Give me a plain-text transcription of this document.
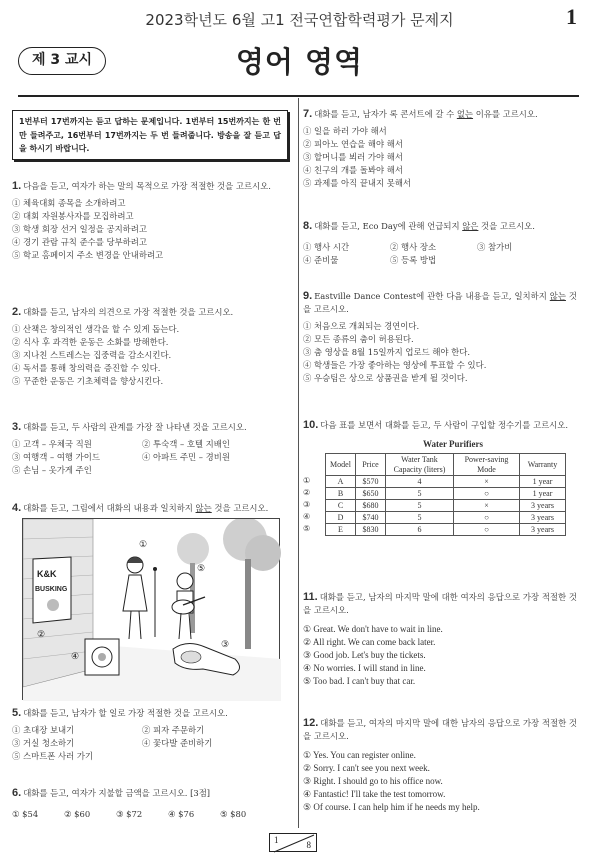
2023학년도 6월 고1 전국연합학력평가 문제지	1
제 3 교시	영어 영역
1번부터 17번까지는 듣고 답하는 문제입니다. 1번부터 15번까지는 한 번만 들려주고, 16번부터 17번까지는 두 번 들려줍니다. 방송을 잘 듣고 답을 하시기 바랍니다.
1. 다음을 듣고, 여자가 하는 말의 목적으로 가장 적절한 것을 고르시오.
① 체육대회 종목을 소개하려고
② 대회 자원봉사자를 모집하려고
③ 학생 회장 선거 일정을 공지하려고
④ 경기 관람 규칙 준수를 당부하려고
⑤ 학교 홈페이지 주소 변경을 안내하려고
2. 대화를 듣고, 남자의 의견으로 가장 적절한 것을 고르시오.
① 산책은 창의적인 생각을 할 수 있게 돕는다.
② 식사 후 과격한 운동은 소화를 방해한다.
③ 지나친 스트레스는 집중력을 감소시킨다.
④ 독서를 통해 창의력을 증진할 수 있다.
⑤ 꾸준한 운동은 기초체력을 향상시킨다.
3. 대화를 듣고, 두 사람의 관계를 가장 잘 나타낸 것을 고르시오.
① 고객 – 우체국 직원	② 투숙객 – 호텔 지배인
③ 여행객 – 여행 가이드	④ 아파트 주민 – 경비원
⑤ 손님 – 옷가게 주인
4. 대화를 듣고, 그림에서 대화의 내용과 일치하지 않는 것을 고르시오.
5. 대화를 듣고, 남자가 할 일로 가장 적절한 것을 고르시오.
① 초대장 보내기	② 피자 주문하기
③ 거실 청소하기	④ 꽃다발 준비하기
⑤ 스마트폰 사러 가기
6. 대화를 듣고, 여자가 지불할 금액을 고르시오. [3점]
① $54	② $60	③ $72	④ $76	⑤ $80
K&K
BUSKING
①
②
③
④
⑤
7. 대화를 듣고, 남자가 록 콘서트에 갈 수 없는 이유를 고르시오.
① 일을 하러 가야 해서
② 피아노 연습을 해야 해서
③ 할머니를 뵈러 가야 해서
④ 친구의 개를 돌봐야 해서
⑤ 과제를 아직 끝내지 못해서
8. 대화를 듣고, Eco Day에 관해 언급되지 않은 것을 고르시오.
① 행사 시간	② 행사 장소	③ 참가비
④ 준비물	⑤ 등록 방법
9. Eastville Dance Contest에 관한 다음 내용을 듣고, 일치하지 않는 것을 고르시오.
① 처음으로 개최되는 경연이다.
② 모든 종류의 춤이 허용된다.
③ 춤 영상을 8월 15일까지 업로드 해야 한다.
④ 학생들은 가장 좋아하는 영상에 투표할 수 있다.
⑤ 우승팀은 상으로 상품권을 받게 될 것이다.
10. 다음 표를 보면서 대화를 듣고, 두 사람이 구입할 정수기를 고르시오.
Water Purifiers
①
②
③
④
⑤
Model	Price	Water Tank Capacity (liters)	Power-saving Mode	Warranty
A	$570	4	×	1 year
B	$650	5	○	1 year
C	$680	5	×	3 years
D	$740	5	○	3 years
E	$830	6	○	3 years
11. 대화를 듣고, 남자의 마지막 말에 대한 여자의 응답으로 가장 적절한 것을 고르시오.
① Great. We don't have to wait in line.
② All right. We can come back later.
③ Good job. Let's buy the tickets.
④ No worries. I will stand in line.
⑤ Too bad. I can't buy that car.
12. 대화를 듣고, 여자의 마지막 말에 대한 남자의 응답으로 가장 적절한 것을 고르시오.
① Yes. You can register online.
② Sorry. I can't see you next week.
③ Right. I should go to his office now.
④ Fantastic! I'll take the test tomorrow.
⑤ Of course. I can help him if he needs my help.
1	8
